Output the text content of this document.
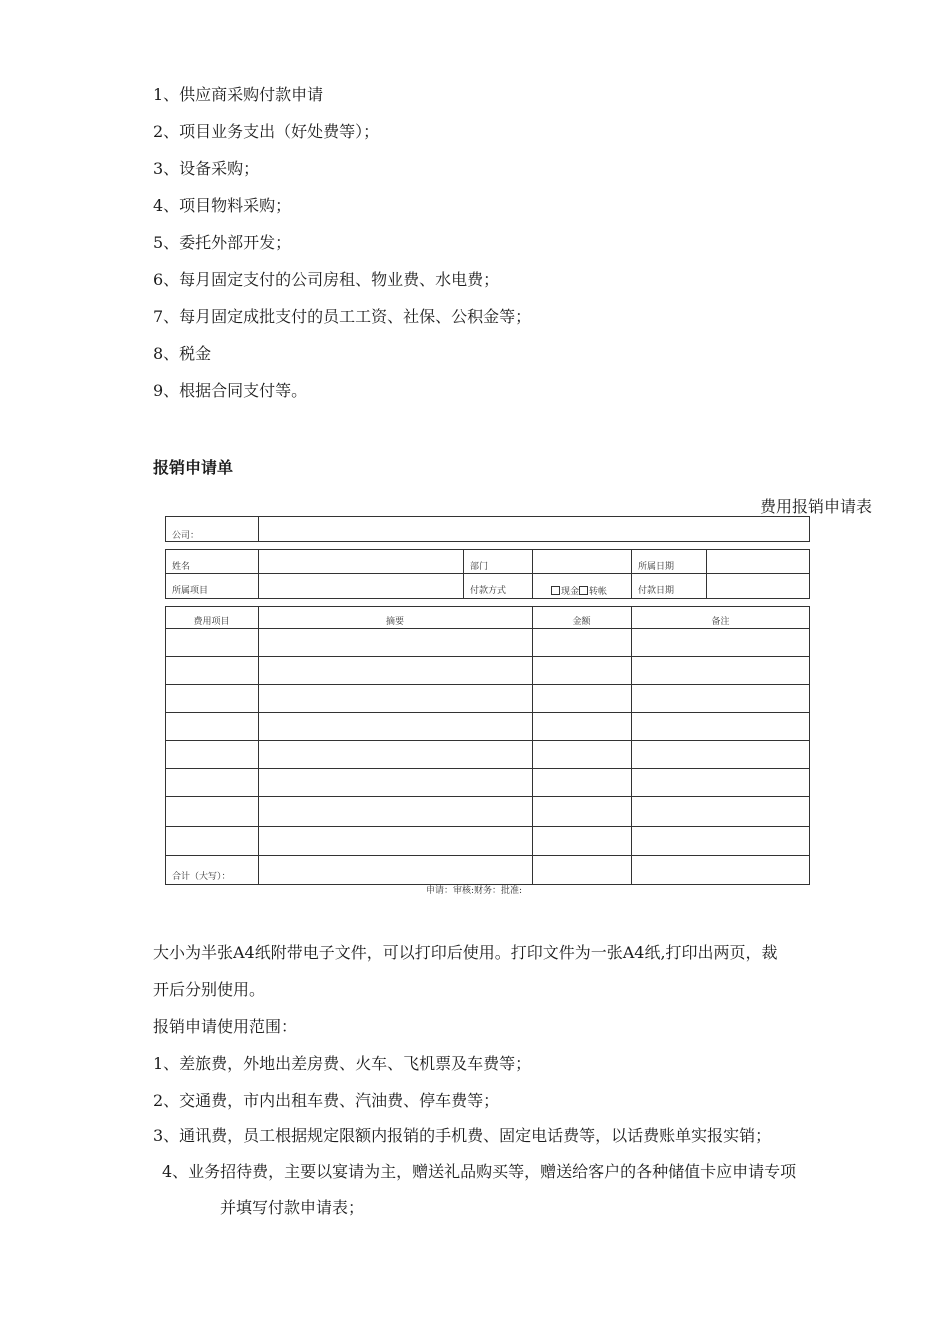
1、供应商采购付款申请
2、项目业务支出（好处费等）；
3、设备采购；
4、项目物料采购；
5、委托外部开发；
6、每月固定支付的公司房租、物业费、水电费；
7、每月固定成批支付的员工工资、社保、公积金等；
8、税金
9、根据合同支付等。
报销申请单
费用报销申请表
公司：
姓名	部门	所属日期
所属项目	付款方式	现金 转帐	付款日期
费用项目	摘要	金额	备注
合计（大写）：
申请：审核:财务：批准:
大小为半张A4纸附带电子文件，可以打印后使用。打印文件为一张A4纸,打印出两页，裁
开后分别使用。
报销申请使用范围：
1、差旅费，外地出差房费、火车、飞机票及车费等；
2、交通费，市内出租车费、汽油费、停车费等；
3、通讯费，员工根据规定限额内报销的手机费、固定电话费等，以话费账单实报实销；
4、业务招待费，主要以宴请为主，赠送礼品购买等，赠送给客户的各种储值卡应申请专项
并填写付款申请表；
